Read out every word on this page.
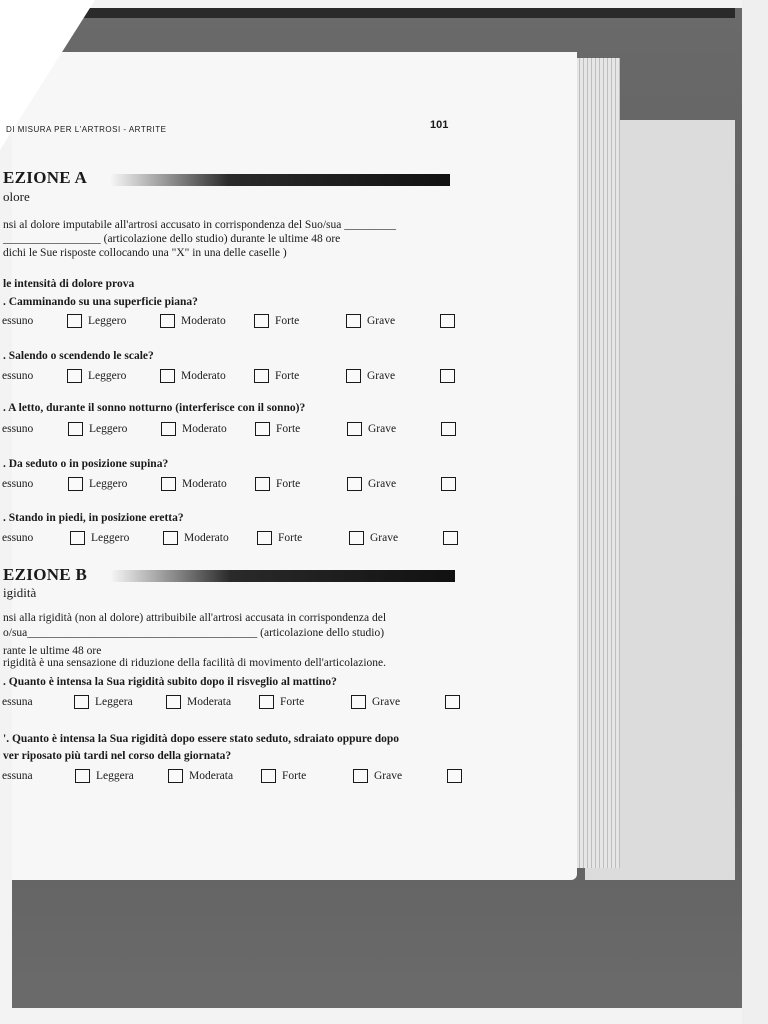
DI MISURA PER L'ARTROSI - ARTRITE	101
EZIONE A
olore
nsi al dolore imputabile all'artrosi accusato in corrispondenza del Suo/sua _________
_________________ (articolazione dello studio) durante le ultime 48 ore
dichi le Sue risposte collocando una "X" in una delle caselle )
le intensità di dolore prova
. Camminando su una superficie piana?
essuno	Leggero	Moderato	Forte	Grave
. Salendo o scendendo le scale?
essuno	Leggero	Moderato	Forte	Grave
. A letto, durante il sonno notturno (interferisce con il sonno)?
essuno	Leggero	Moderato	Forte	Grave
. Da seduto o in posizione supina?
essuno	Leggero	Moderato	Forte	Grave
. Stando in piedi, in posizione eretta?
essuno	Leggero	Moderato	Forte	Grave
EZIONE B
igidità
nsi alla rigidità (non al dolore) attribuibile all'artrosi accusata in corrispondenza del
o/sua________________________________________ (articolazione dello studio)
rante le ultime 48 ore
rigidità è una sensazione di riduzione della facilità di movimento dell'articolazione.
. Quanto è intensa la Sua rigidità subito dopo il risveglio al mattino?
essuna	Leggera	Moderata	Forte	Grave
'. Quanto è intensa la Sua rigidità dopo essere stato seduto, sdraiato oppure dopo
ver riposato più tardi nel corso della giornata?
essuna	Leggera	Moderata	Forte	Grave
